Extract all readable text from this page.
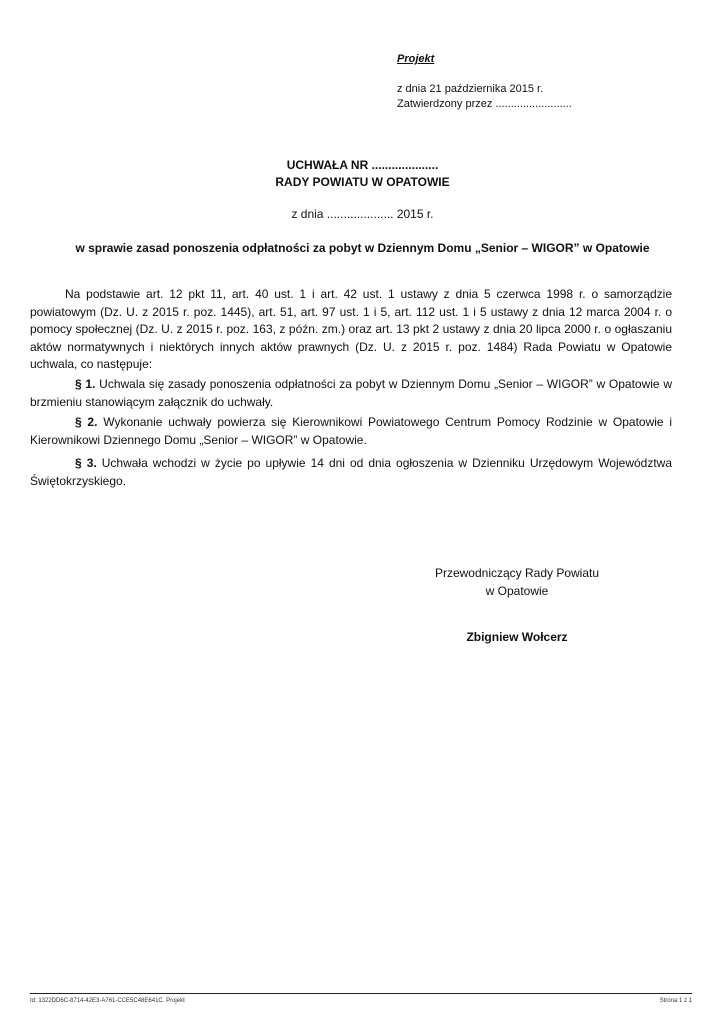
Projekt
z dnia 21 października 2015 r.
Zatwierdzony przez .........................
UCHWAŁA NR ....................
RADY POWIATU W OPATOWIE
z dnia .................... 2015 r.
w sprawie zasad ponoszenia odpłatności za pobyt w Dziennym Domu „Senior – WIGOR” w Opatowie
Na podstawie art. 12 pkt 11, art. 40 ust. 1 i art. 42 ust. 1 ustawy z dnia 5 czerwca 1998 r. o samorządzie powiatowym (Dz. U. z 2015 r. poz. 1445), art. 51, art. 97 ust. 1 i 5, art. 112 ust. 1 i 5 ustawy z dnia 12 marca 2004 r. o pomocy społecznej (Dz. U. z 2015 r. poz. 163, z późn. zm.) oraz art. 13 pkt 2 ustawy z dnia 20 lipca 2000 r. o ogłaszaniu aktów normatywnych i niektórych innych aktów prawnych (Dz. U. z 2015 r. poz. 1484) Rada Powiatu w Opatowie uchwala, co następuje:
§ 1. Uchwala się zasady ponoszenia odpłatności za pobyt w Dziennym Domu „Senior – WIGOR” w Opatowie w brzmieniu stanowiącym załącznik do uchwały.
§ 2. Wykonanie uchwały powierza się Kierownikowi Powiatowego Centrum Pomocy Rodzinie w Opatowie i Kierownikowi Dziennego Domu „Senior – WIGOR” w Opatowie.
§ 3. Uchwała wchodzi w życie po upływie 14 dni od dnia ogłoszenia w Dzienniku Urzędowym Województwa Świętokrzyskiego.
Przewodniczący Rady Powiatu
w Opatowie
Zbigniew Wołcerz
Id: 1322DD6C-8714-42E3-A761-CCE5C48E641C. Projekt	Strona 1 z 1
